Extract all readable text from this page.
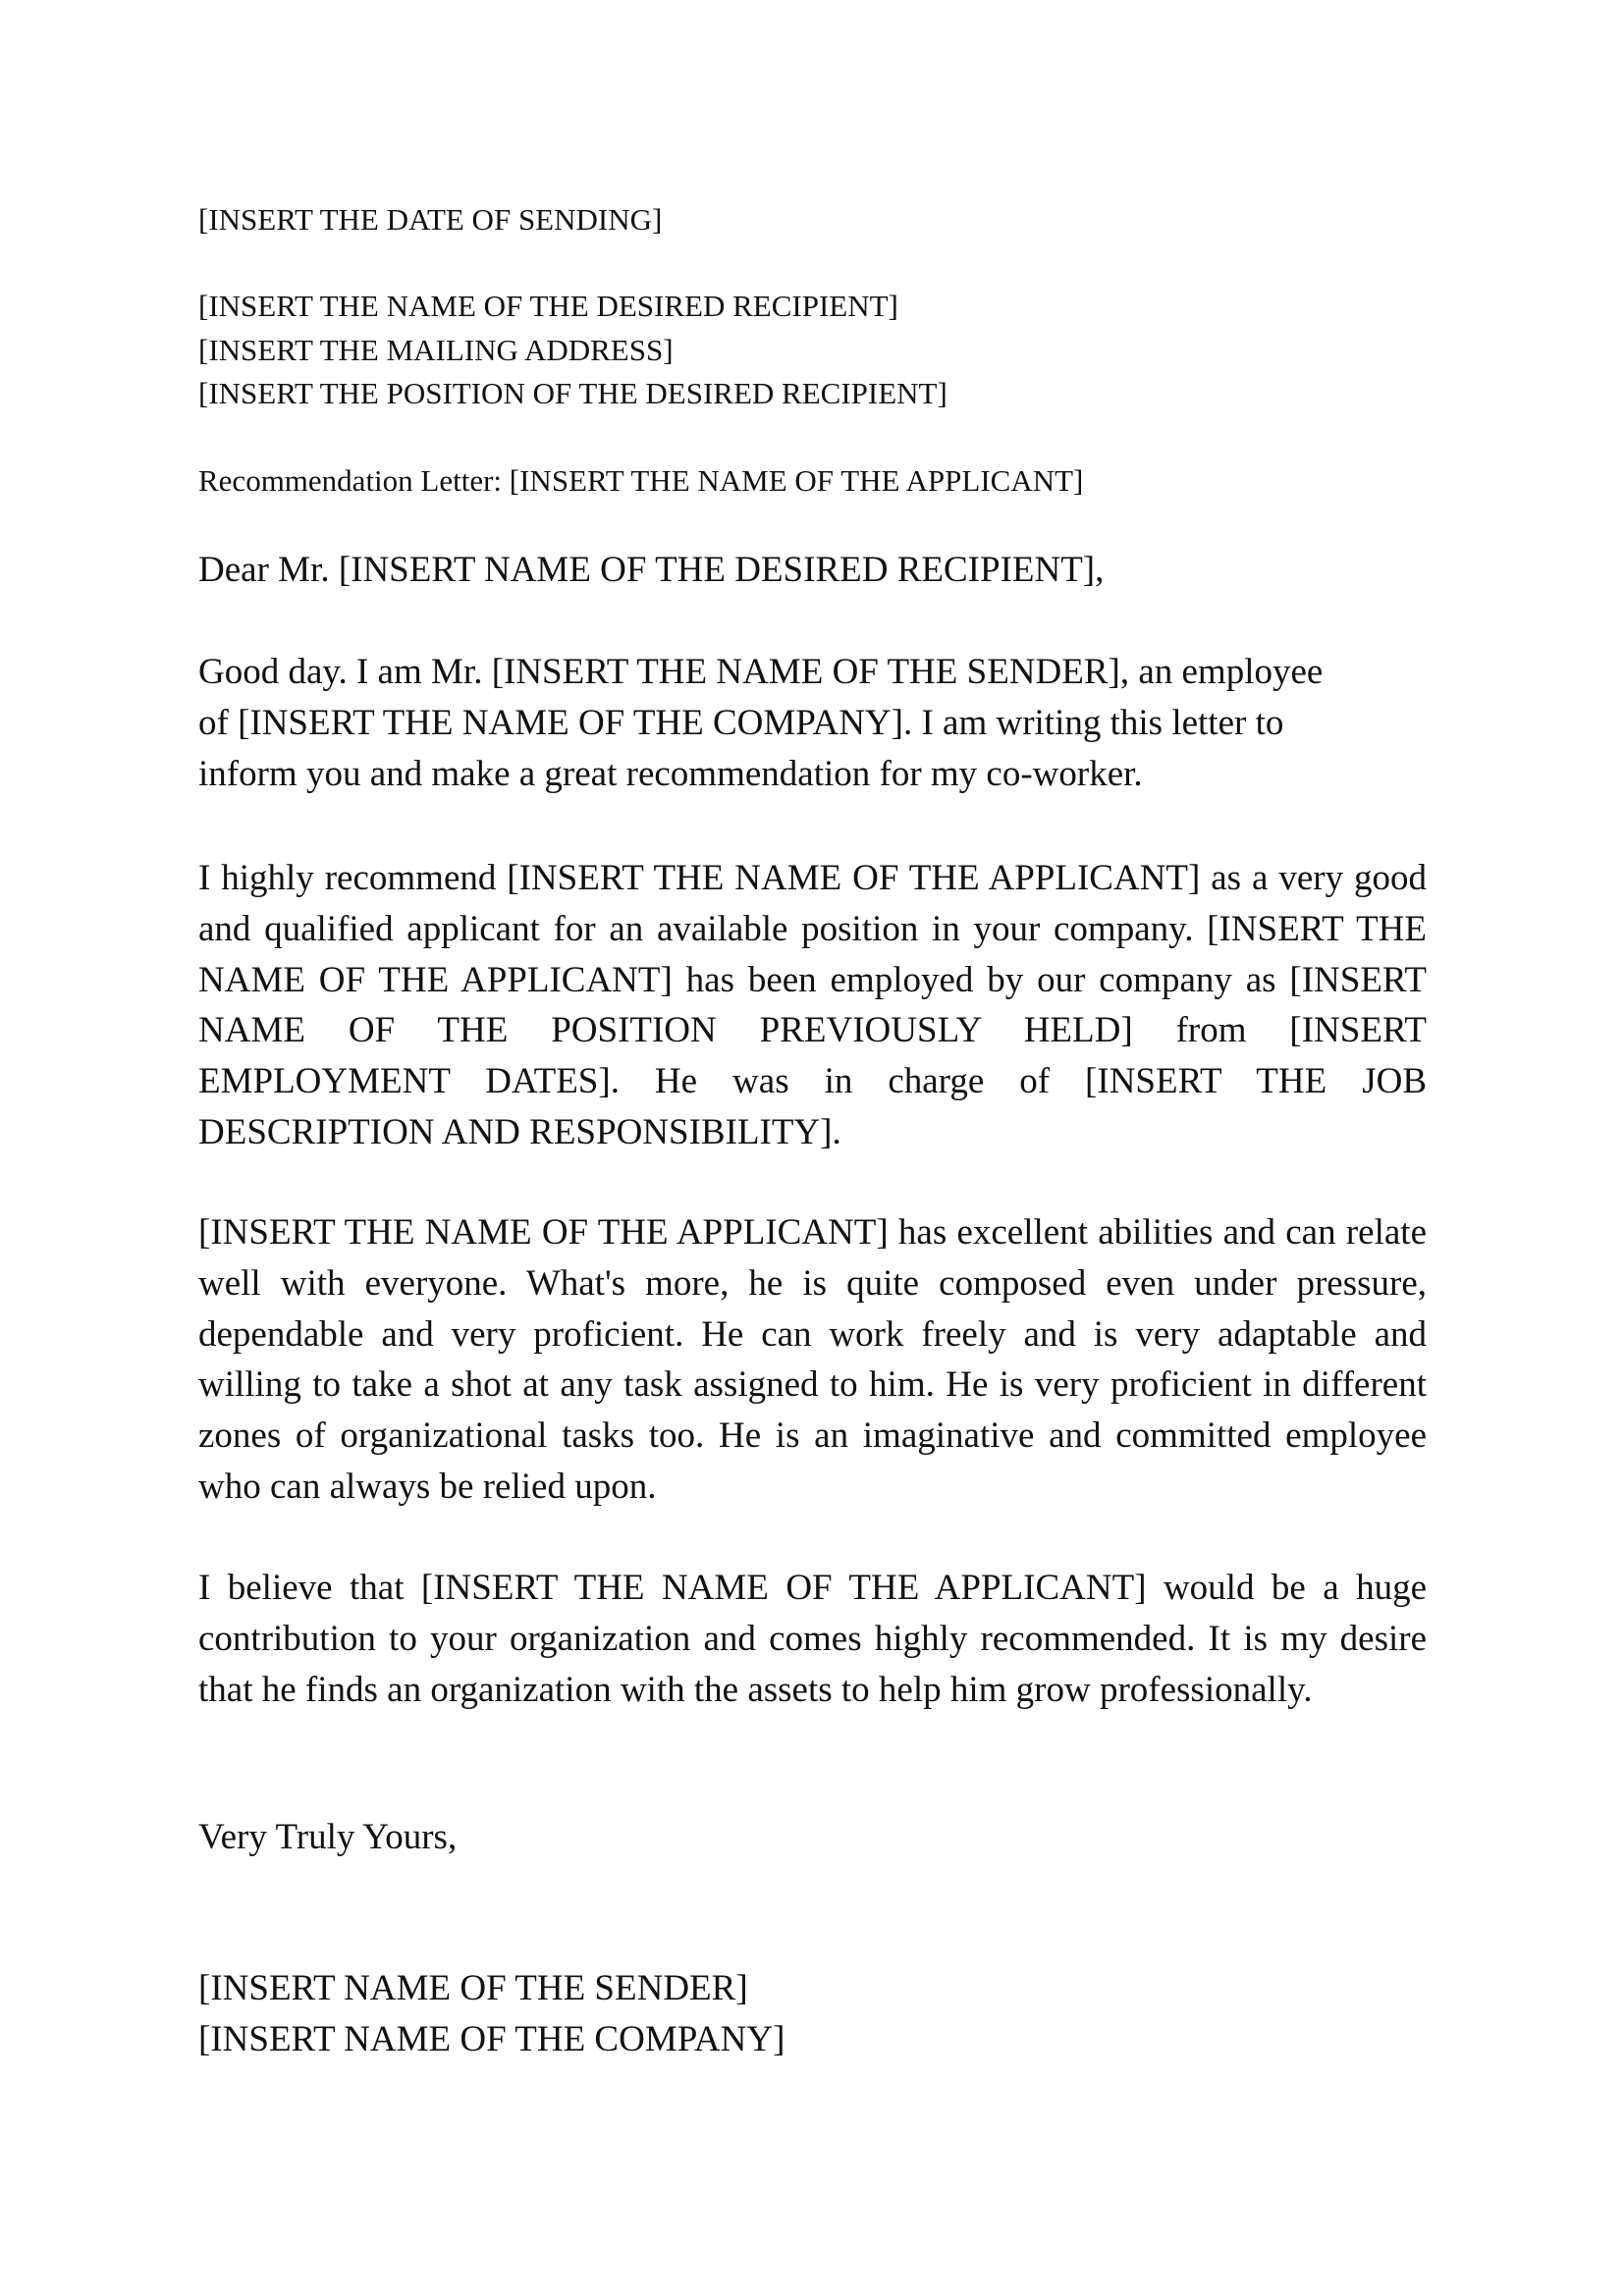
[INSERT THE DATE OF SENDING]

[INSERT THE NAME OF THE DESIRED RECIPIENT]
[INSERT THE MAILING ADDRESS]
[INSERT THE POSITION OF THE DESIRED RECIPIENT]

Recommendation Letter: [INSERT THE NAME OF THE APPLICANT]

Dear Mr. [INSERT NAME OF THE DESIRED RECIPIENT],

Good day. I am Mr. [INSERT THE NAME OF THE SENDER], an employee
of [INSERT THE NAME OF THE COMPANY]. I am writing this letter to
inform you and make a great recommendation for my co-worker.

I highly recommend [INSERT THE NAME OF THE APPLICANT] as a very good and qualified applicant for an available position in your company. [INSERT THE NAME OF THE APPLICANT] has been employed by our company as [INSERT NAME OF THE POSITION PREVIOUSLY HELD] from [INSERT EMPLOYMENT DATES]. He was in charge of [INSERT THE JOB DESCRIPTION AND RESPONSIBILITY].

[INSERT THE NAME OF THE APPLICANT] has excellent abilities and can relate well with everyone. What's more, he is quite composed even under pressure, dependable and very proficient. He can work freely and is very adaptable and willing to take a shot at any task assigned to him. He is very proficient in different zones of organizational tasks too. He is an imaginative and committed employee who can always be relied upon.

I believe that [INSERT THE NAME OF THE APPLICANT] would be a huge contribution to your organization and comes highly recommended. It is my desire that he finds an organization with the assets to help him grow professionally.

Very Truly Yours,

[INSERT NAME OF THE SENDER]
[INSERT NAME OF THE COMPANY]
